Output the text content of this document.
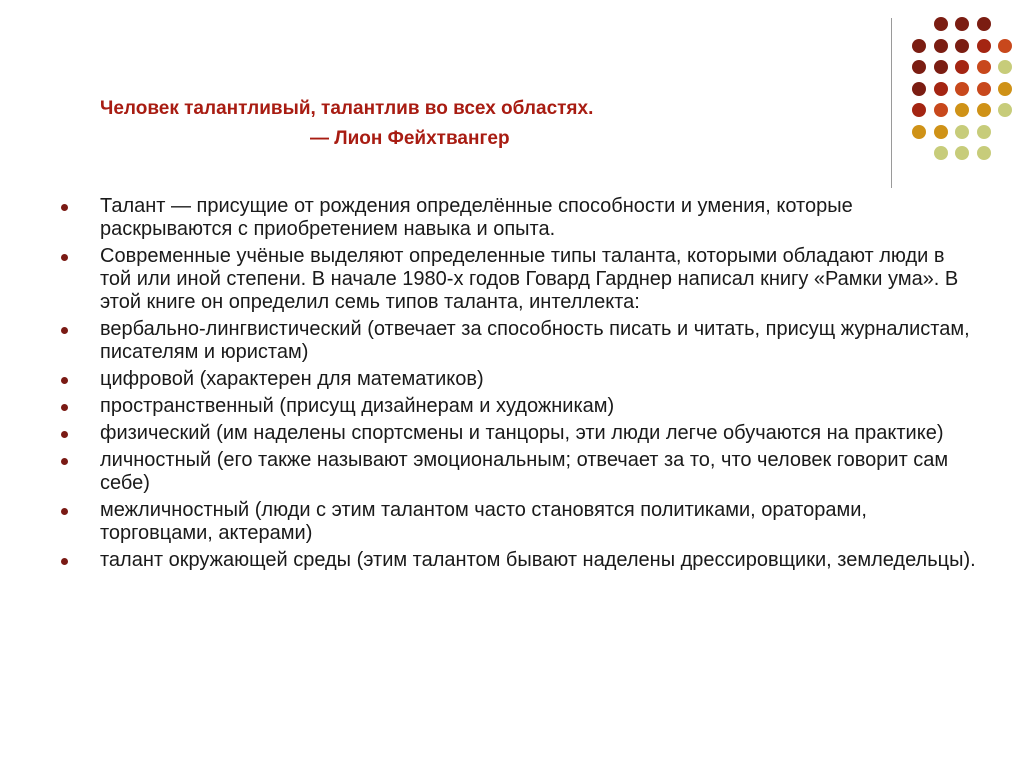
Человек талантливый, талантлив во всех областях.
— Лион Фейхтвангер
Талант — присущие от рождения определённые способности и умения, которые раскрываются с приобретением навыка и опыта.
Современные учёные выделяют определенные типы таланта, которыми обладают люди в той или иной степени. В начале 1980-х годов Говард Гарднер написал книгу «Рамки ума». В этой книге он определил семь типов таланта, интеллекта:
вербально-лингвистический (отвечает за способность писать и читать, присущ журналистам, писателям и юристам)
цифровой (характерен для математиков)
пространственный (присущ дизайнерам и художникам)
физический (им наделены спортсмены и танцоры, эти люди легче обучаются на практике)
личностный (его также называют эмоциональным; отвечает за то, что человек говорит сам себе)
межличностный (люди с этим талантом часто становятся политиками, ораторами, торговцами, актерами)
талант окружающей среды (этим талантом бывают наделены дрессировщики, земледельцы).
